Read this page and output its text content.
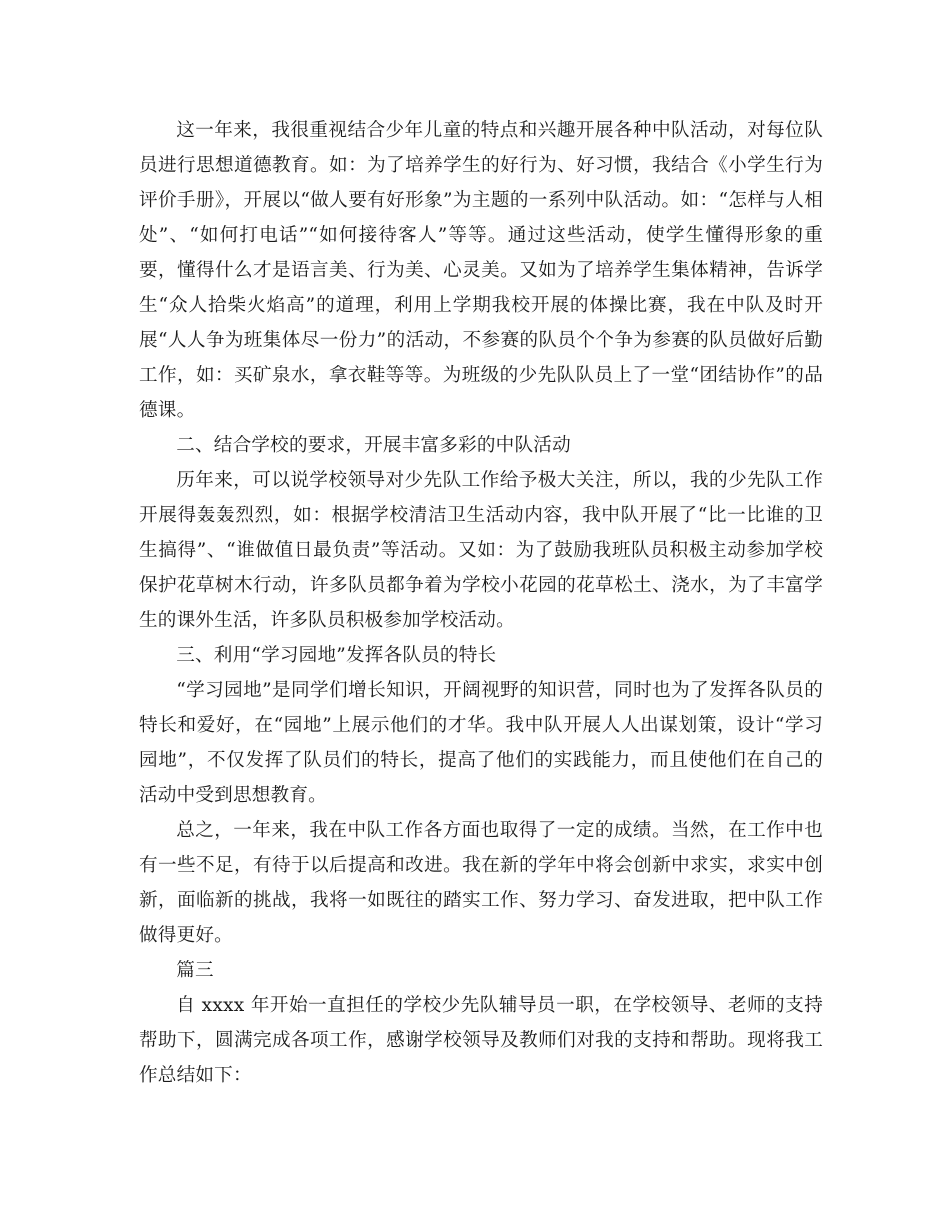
这一年来，我很重视结合少年儿童的特点和兴趣开展各种中队活动，对每位队员进行思想道德教育。如：为了培养学生的好行为、好习惯，我结合《小学生行为评价手册》，开展以“做人要有好形象”为主题的一系列中队活动。如：“怎样与人相处”、“如何打电话”“如何接待客人”等等。通过这些活动，使学生懂得形象的重要，懂得什么才是语言美、行为美、心灵美。又如为了培养学生集体精神，告诉学生“众人拾柴火焰高”的道理，利用上学期我校开展的体操比赛，我在中队及时开展“人人争为班集体尽一份力”的活动，不参赛的队员个个争为参赛的队员做好后勤工作，如：买矿泉水，拿衣鞋等等。为班级的少先队队员上了一堂“团结协作”的品德课。

二、结合学校的要求，开展丰富多彩的中队活动

历年来，可以说学校领导对少先队工作给予极大关注，所以，我的少先队工作开展得轰轰烈烈，如：根据学校清洁卫生活动内容，我中队开展了“比一比谁的卫生搞得”、“谁做值日最负责”等活动。又如：为了鼓励我班队员积极主动参加学校保护花草树木行动，许多队员都争着为学校小花园的花草松土、浇水，为了丰富学生的课外生活，许多队员积极参加学校活动。

三、利用“学习园地”发挥各队员的特长

“学习园地”是同学们增长知识，开阔视野的知识营，同时也为了发挥各队员的特长和爱好，在“园地”上展示他们的才华。我中队开展人人出谋划策，设计“学习园地”，不仅发挥了队员们的特长，提高了他们的实践能力，而且使他们在自己的活动中受到思想教育。

总之，一年来，我在中队工作各方面也取得了一定的成绩。当然，在工作中也有一些不足，有待于以后提高和改进。我在新的学年中将会创新中求实，求实中创新，面临新的挑战，我将一如既往的踏实工作、努力学习、奋发进取，把中队工作做得更好。

篇三

自 xxxx 年开始一直担任的学校少先队辅导员一职，在学校领导、老师的支持帮助下，圆满完成各项工作，感谢学校领导及教师们对我的支持和帮助。现将我工作总结如下：
